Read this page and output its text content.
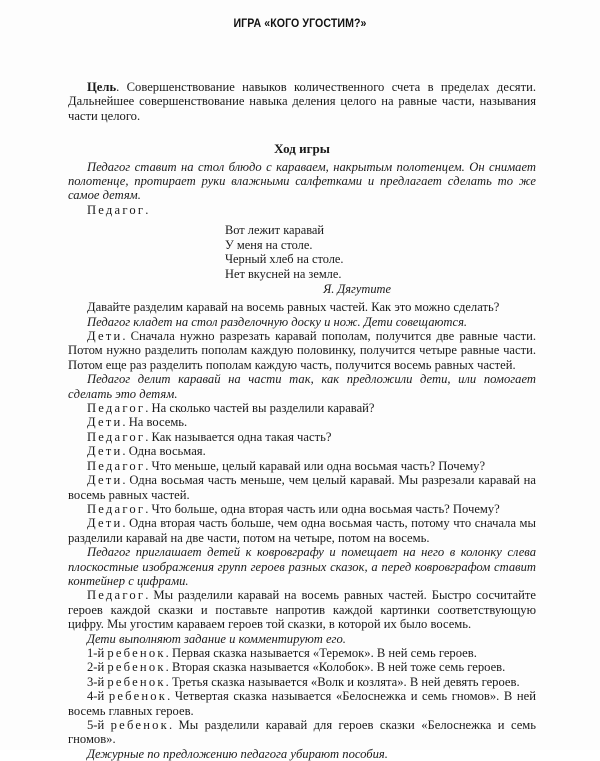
ИГРА «КОГО УГОСТИМ?»

Цель. Совершенствование навыков количественного счета в пределах десяти. Дальнейшее совершенствование навыка деления целого на равные части, называния части целого.

Ход игры

Педагог ставит на стол блюдо с караваем, накрытым полотенцем. Он снимает полотенце, протирает руки влажными салфетками и предлагает сделать то же самое детям.

Педагог.

Вот лежит каравай
У меня на столе.
Черный хлеб на столе.
Нет вкусней на земле.
Я. Дягутите

Давайте разделим каравай на восемь равных частей. Как это можно сделать?

Педагог кладет на стол разделочную доску и нож. Дети совещаются.

Дети. Сначала нужно разрезать каравай пополам, получится две равные части. Потом нужно разделить пополам каждую половинку, получится четыре равные части. Потом еще раз разделить пополам каждую часть, получится восемь равных частей.

Педагог делит каравай на части так, как предложили дети, или помогает сделать это детям.

Педагог. На сколько частей вы разделили каравай?

Дети. На восемь.

Педагог. Как называется одна такая часть?

Дети. Одна восьмая.

Педагог. Что меньше, целый каравай или одна восьмая часть? Почему?

Дети. Одна восьмая часть меньше, чем целый каравай. Мы разрезали каравай на восемь равных частей.

Педагог. Что больше, одна вторая часть или одна восьмая часть? Почему?

Дети. Одна вторая часть больше, чем одна восьмая часть, потому что сначала мы разделили каравай на две части, потом на четыре, потом на восемь.

Педагог приглашает детей к ковровграфу и помещает на него в колонку слева плоскостные изображения групп героев разных сказок, а перед ковровграфом ставит контейнер с цифрами.

Педагог. Мы разделили каравай на восемь равных частей. Быстро сосчитайте героев каждой сказки и поставьте напротив каждой картинки соответствующую цифру. Мы угостим караваем героев той сказки, в которой их было восемь.

Дети выполняют задание и комментируют его.

1-й ребенок. Первая сказка называется «Теремок». В ней семь героев.

2-й ребенок. Вторая сказка называется «Колобок». В ней тоже семь героев.

3-й ребенок. Третья сказка называется «Волк и козлята». В ней девять героев.

4-й ребенок. Четвертая сказка называется «Белоснежка и семь гномов». В ней восемь главных героев.

5-й ребенок. Мы разделили каравай для героев сказки «Белоснежка и семь гномов».

Дежурные по предложению педагога убирают пособия.
